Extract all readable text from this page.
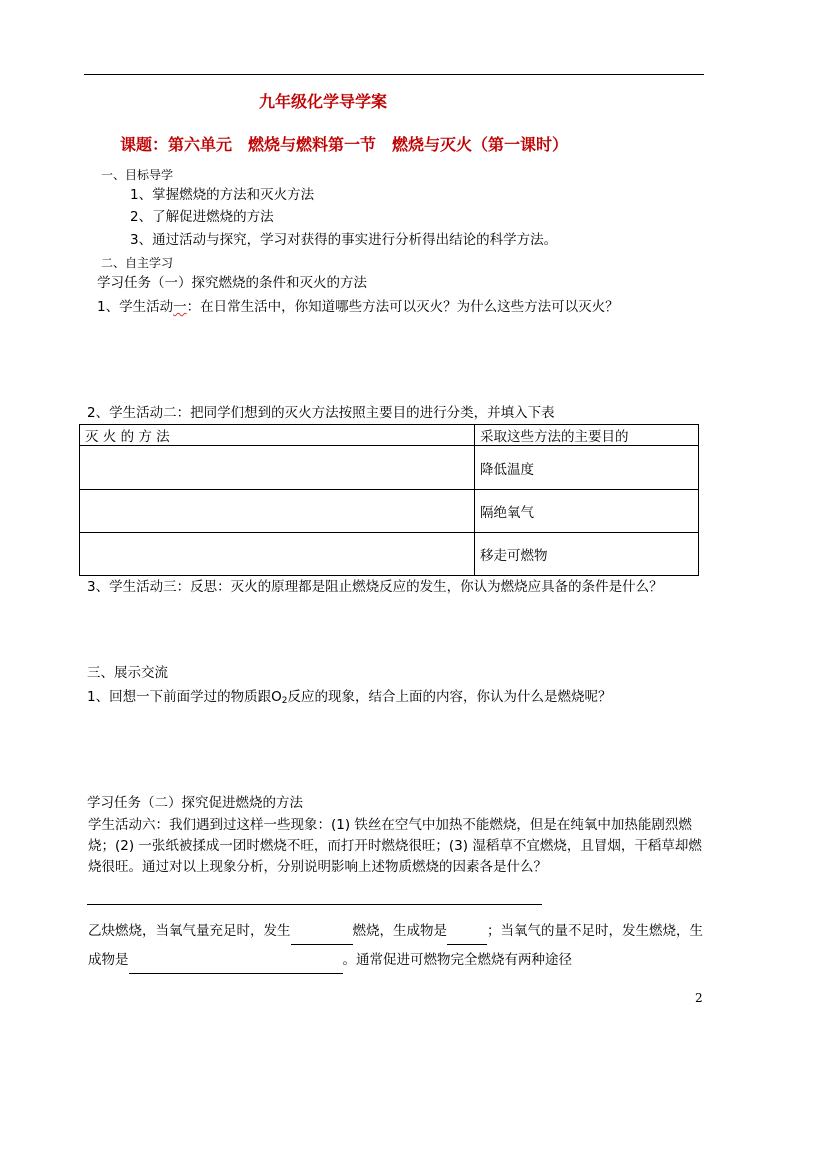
九年级化学导学案
课题：第六单元　燃烧与燃料第一节　燃烧与灭火（第一课时）
一、目标导学
1、掌握燃烧的方法和灭火方法
2、了解促进燃烧的方法
3、通过活动与探究，学习对获得的事实进行分析得出结论的科学方法。
二、自主学习
学习任务（一）探究燃烧的条件和灭火的方法
1、学生活动一：在日常生活中，你知道哪些方法可以灭火？为什么这些方法可以灭火？
2、学生活动二：把同学们想到的灭火方法按照主要目的进行分类，并填入下表
灭 火 的 方 法	采取这些方法的主要目的
	降低温度
	隔绝氧气
	移走可燃物
3、学生活动三：反思：灭火的原理都是阻止燃烧反应的发生，你认为燃烧应具备的条件是什么？
三、展示交流
1、回想一下前面学过的物质跟$O_2$反应的现象，结合上面的内容，你认为什么是燃烧呢？
学习任务（二）探究促进燃烧的方法
学生活动六：我们遇到过这样一些现象：(1) 铁丝在空气中加热不能燃烧，但是在纯氧中加热能剧烈燃烧；(2) 一张纸被揉成一团时燃烧不旺，而打开时燃烧很旺；(3) 湿稻草不宜燃烧，且冒烟，干稻草却燃烧很旺。通过对以上现象分析，分别说明影响上述物质燃烧的因素各是什么？
乙炔燃烧，当氧气量充足时，发生	燃烧，生成物是	；当氧气的量不足时，发生燃烧，生成物是	。通常促进可燃物完全燃烧有两种途径
2
